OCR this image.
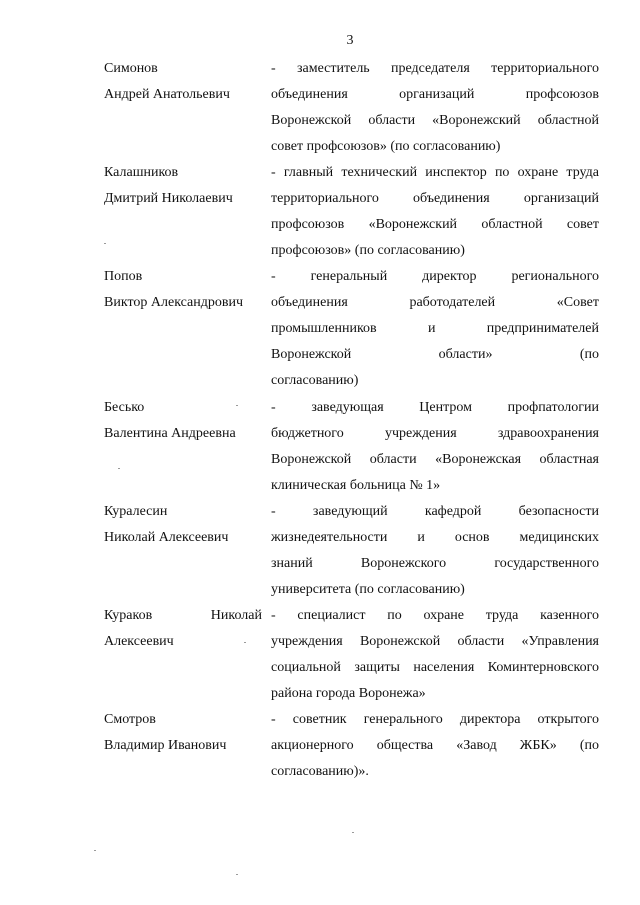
3
Симонов
Андрей Анатольевич
- заместитель председателя территориального
объединения организаций профсоюзов
Воронежской области «Воронежский областной
совет профсоюзов» (по согласованию)
Калашников
Дмитрий Николаевич
- главный технический инспектор по охране труда
территориального объединения организаций
профсоюзов «Воронежский областной совет
профсоюзов» (по согласованию)
Попов
Виктор Александрович
- генеральный директор регионального
объединения работодателей «Совет
промышленников и предпринимателей
Воронежской области» (по
согласованию)
Бесько
Валентина Андреевна
- заведующая Центром профпатологии
бюджетного учреждения здравоохранения
Воронежской области «Воронежская областная
клиническая больница № 1»
Куралесин
Николай Алексеевич
- заведующий кафедрой безопасности
жизнедеятельности и основ медицинских
знаний Воронежского государственного
университета (по согласованию)
Кураков Николай
Алексеевич
- специалист по охране труда казенного
учреждения Воронежской области «Управления
социальной защиты населения Коминтерновского
района города Воронежа»
Смотров
Владимир Иванович
- советник генерального директора открытого
акционерного общества «Завод ЖБК» (по
согласованию)».
